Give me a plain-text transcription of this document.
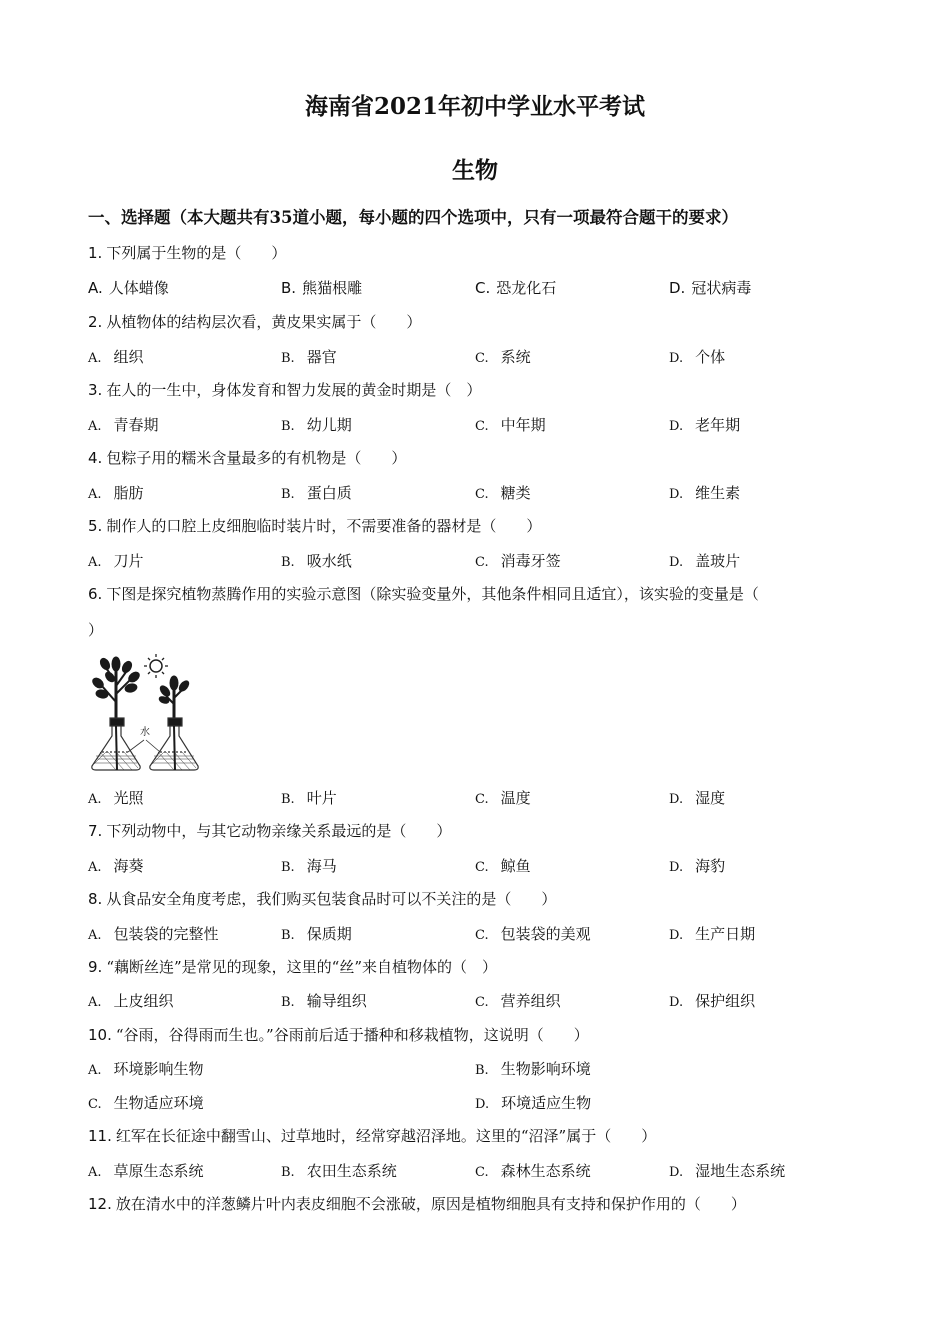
海南省2021年初中学业水平考试
生物
一、选择题（本大题共有35道小题，每小题的四个选项中，只有一项最符合题干的要求）
1. 下列属于生物的是（　　）
A. 人体蜡像	B. 熊猫根雕	C. 恐龙化石	D. 冠状病毒
2. 从植物体的结构层次看，黄皮果实属于（　　）
A. 组织	B. 器官	C. 系统	D. 个体
3. 在人的一生中，身体发育和智力发展的黄金时期是（　）
A. 青春期	B. 幼儿期	C. 中年期	D. 老年期
4. 包粽子用的糯米含量最多的有机物是（　　）
A. 脂肪	B. 蛋白质	C. 糖类	D. 维生素
5. 制作人的口腔上皮细胞临时装片时，不需要准备的器材是（　　）
A. 刀片	B. 吸水纸	C. 消毒牙签	D. 盖玻片
6. 下图是探究植物蒸腾作用的实验示意图（除实验变量外，其他条件相同且适宜），该实验的变量是（
）
水
A. 光照	B. 叶片	C. 温度	D. 湿度
7. 下列动物中，与其它动物亲缘关系最远的是（　　）
A. 海葵	B. 海马	C. 鲸鱼	D. 海豹
8. 从食品安全角度考虑，我们购买包装食品时可以不关注的是（　　）
A. 包装袋的完整性	B. 保质期	C. 包装袋的美观	D. 生产日期
9. “藕断丝连”是常见的现象，这里的“丝”来自植物体的（　）
A. 上皮组织	B. 输导组织	C. 营养组织	D. 保护组织
10. “谷雨，谷得雨而生也。”谷雨前后适于播种和移栽植物，这说明（　　）
A. 环境影响生物	B. 生物影响环境
C. 生物适应环境	D. 环境适应生物
11. 红军在长征途中翻雪山、过草地时，经常穿越沼泽地。这里的“沼泽”属于（　　）
A. 草原生态系统	B. 农田生态系统	C. 森林生态系统	D. 湿地生态系统
12. 放在清水中的洋葱鳞片叶内表皮细胞不会涨破，原因是植物细胞具有支持和保护作用的（　　）
